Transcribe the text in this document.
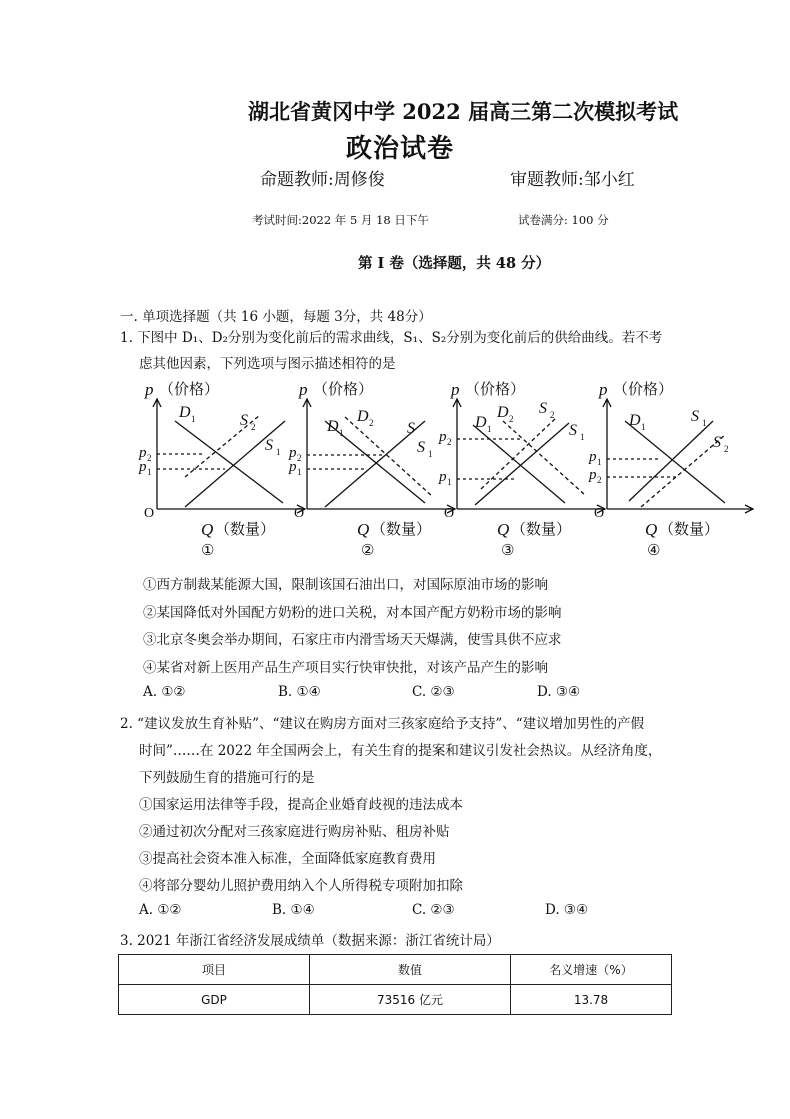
湖北省黄冈中学 2022 届高三第二次模拟考试
政治试卷
命题教师:周修俊	审题教师:邹小红
考试时间:2022 年 5 月 18 日下午	试卷满分: 100 分
第 I 卷（选择题，共 48 分）
一. 单项选择题（共 16 小题，每题 3分，共 48分）
1. 下图中 D₁、D₂分别为变化前后的需求曲线，S₁、S₂分别为变化前后的供给曲线。若不考
虑其他因素，下列选项与图示描述相符的是
p （价格）
D 1	S 2
S 1
p 2
p 1
O
Q （数量）
①
p （价格）
D 1
D 2 S
S 1
p 2
p 1
O
Q （数量）
②
p （价格）
D 1
D 2
S 2
S 1
p 2
p 1
O
Q （数量）
③
p （价格）
D 1
S 1
S 2
p 1
p 2
O
Q （数量）
④
①西方制裁某能源大国，限制该国石油出口，对国际原油市场的影响
②某国降低对外国配方奶粉的进口关税，对本国产配方奶粉市场的影响
③北京冬奥会举办期间，石家庄市内滑雪场天天爆满，使雪具供不应求
④某省对新上医用产品生产项目实行快审快批，对该产品产生的影响
A. ①②	B. ①④	C. ②③	D. ③④
2. “建议发放生育补贴”、“建议在购房方面对三孩家庭给予支持”、“建议增加男性的产假
时间”……在 2022 年全国两会上，有关生育的提案和建议引发社会热议。从经济角度，
下列鼓励生育的措施可行的是
①国家运用法律等手段，提高企业婚育歧视的违法成本
②通过初次分配对三孩家庭进行购房补贴、租房补贴
③提高社会资本准入标准，全面降低家庭教育费用
④将部分婴幼儿照护费用纳入个人所得税专项附加扣除
A. ①②	B. ①④	C. ②③	D. ③④
3. 2021 年浙江省经济发展成绩单（数据来源：浙江省统计局）
项目	数值	名义增速（%）
GDP	73516 亿元	13.78
